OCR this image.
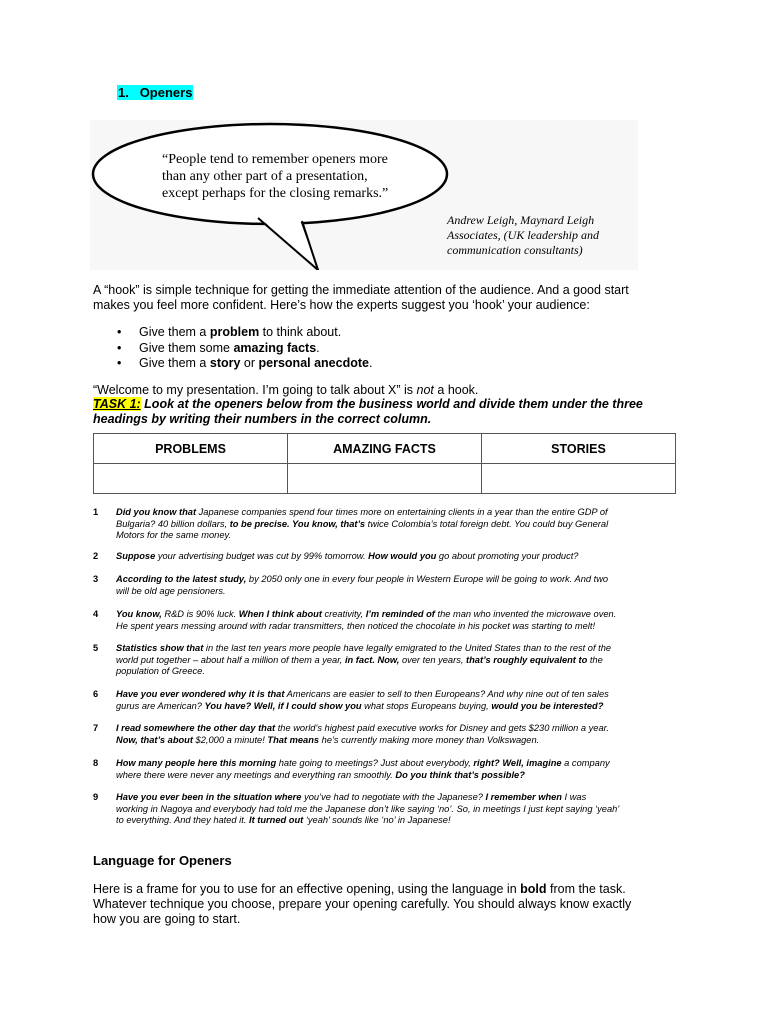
1. Openers
“People tend to remember openers more
than any other part of a presentation,
except perhaps for the closing remarks.”
Andrew Leigh, Maynard Leigh
Associates, (UK leadership and
communication consultants)
A “hook” is simple technique for getting the immediate attention of the audience. And a good start
makes you feel more confident. Here’s how the experts suggest you ‘hook’ your audience:
• Give them a problem to think about.
• Give them some amazing facts.
• Give them a story or personal anecdote.
“Welcome to my presentation. I’m going to talk about X” is not a hook.
TASK 1: Look at the openers below from the business world and divide them under the three headings by writing their numbers in the correct column.
PROBLEMS	AMAZING FACTS	STORIES

1 Did you know that Japanese companies spend four times more on entertaining clients in a year than the entire GDP of
Bulgaria? 40 billion dollars, to be precise. You know, that’s twice Colombia’s total foreign debt. You could buy General
Motors for the same money.
2 Suppose your advertising budget was cut by 99% tomorrow. How would you go about promoting your product?
3 According to the latest study, by 2050 only one in every four people in Western Europe will be going to work. And two
will be old age pensioners.
4 You know, R&D is 90% luck. When I think about creativity, I’m reminded of the man who invented the microwave oven.
He spent years messing around with radar transmitters, then noticed the chocolate in his pocket was starting to melt!
5 Statistics show that in the last ten years more people have legally emigrated to the United States than to the rest of the
world put together – about half a million of them a year, in fact. Now, over ten years, that’s roughly equivalent to the
population of Greece.
6 Have you ever wondered why it is that Americans are easier to sell to then Europeans? And why nine out of ten sales
gurus are American? You have? Well, if I could show you what stops Europeans buying, would you be interested?
7 I read somewhere the other day that the world’s highest paid executive works for Disney and gets $230 million a year.
Now, that’s about $2,000 a minute! That means he’s currently making more money than Volkswagen.
8 How many people here this morning hate going to meetings? Just about everybody, right? Well, imagine a company
where there were never any meetings and everything ran smoothly. Do you think that’s possible?
9 Have you ever been in the situation where you’ve had to negotiate with the Japanese? I remember when I was
working in Nagoya and everybody had told me the Japanese don’t like saying ‘no’. So, in meetings I just kept saying ‘yeah’
to everything. And they hated it. It turned out ‘yeah’ sounds like ‘no’ in Japanese!
Language for Openers
Here is a frame for you to use for an effective opening, using the language in bold from the task.
Whatever technique you choose, prepare your opening carefully. You should always know exactly
how you are going to start.
